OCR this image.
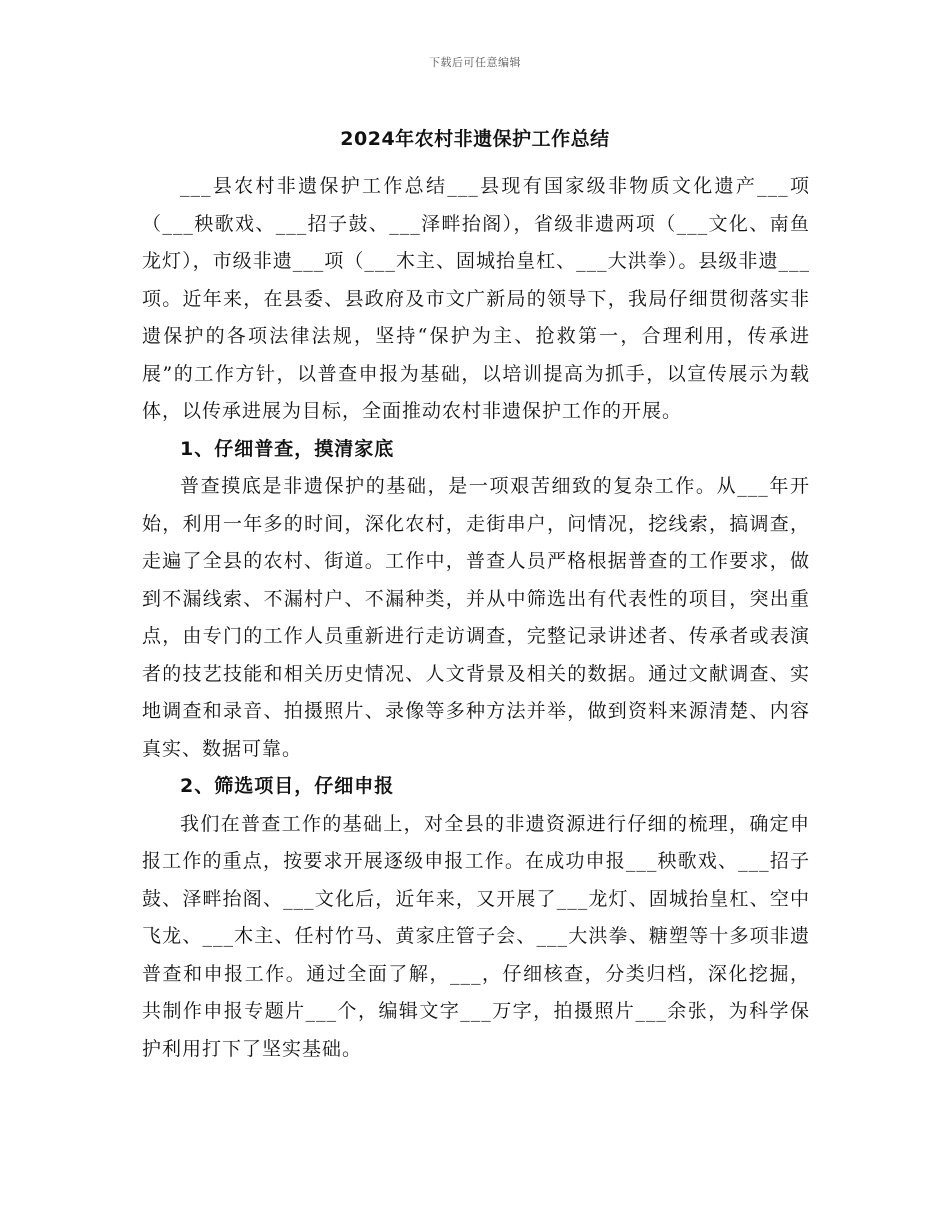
下载后可任意编辑
2024年农村非遗保护工作总结

___县农村非遗保护工作总结___县现有国家级非物质文化遗产___项（___秧歌戏、___招子鼓、___泽畔抬阁），省级非遗两项（___文化、南鱼龙灯），市级非遗___项（___木主、固城抬皇杠、___大洪拳）。县级非遗___项。近年来，在县委、县政府及市文广新局的领导下，我局仔细贯彻落实非遗保护的各项法律法规，坚持“保护为主、抢救第一，合理利用，传承进展”的工作方针，以普查申报为基础，以培训提高为抓手，以宣传展示为载体，以传承进展为目标，全面推动农村非遗保护工作的开展。

1、仔细普查，摸清家底

普查摸底是非遗保护的基础，是一项艰苦细致的复杂工作。从___年开始，利用一年多的时间，深化农村，走街串户，问情况，挖线索，搞调查，走遍了全县的农村、街道。工作中，普查人员严格根据普查的工作要求，做到不漏线索、不漏村户、不漏种类，并从中筛选出有代表性的项目，突出重点，由专门的工作人员重新进行走访调查，完整记录讲述者、传承者或表演者的技艺技能和相关历史情况、人文背景及相关的数据。通过文献调查、实地调查和录音、拍摄照片、录像等多种方法并举，做到资料来源清楚、内容真实、数据可靠。

2、筛选项目，仔细申报

我们在普查工作的基础上，对全县的非遗资源进行仔细的梳理，确定申报工作的重点，按要求开展逐级申报工作。在成功申报___秧歌戏、___招子鼓、泽畔抬阁、___文化后，近年来，又开展了___龙灯、固城抬皇杠、空中飞龙、___木主、任村竹马、黄家庄管子会、___大洪拳、糖塑等十多项非遗普查和申报工作。通过全面了解，___，仔细核查，分类归档，深化挖掘，共制作申报专题片___个，编辑文字___万字，拍摄照片___余张，为科学保护利用打下了坚实基础。
